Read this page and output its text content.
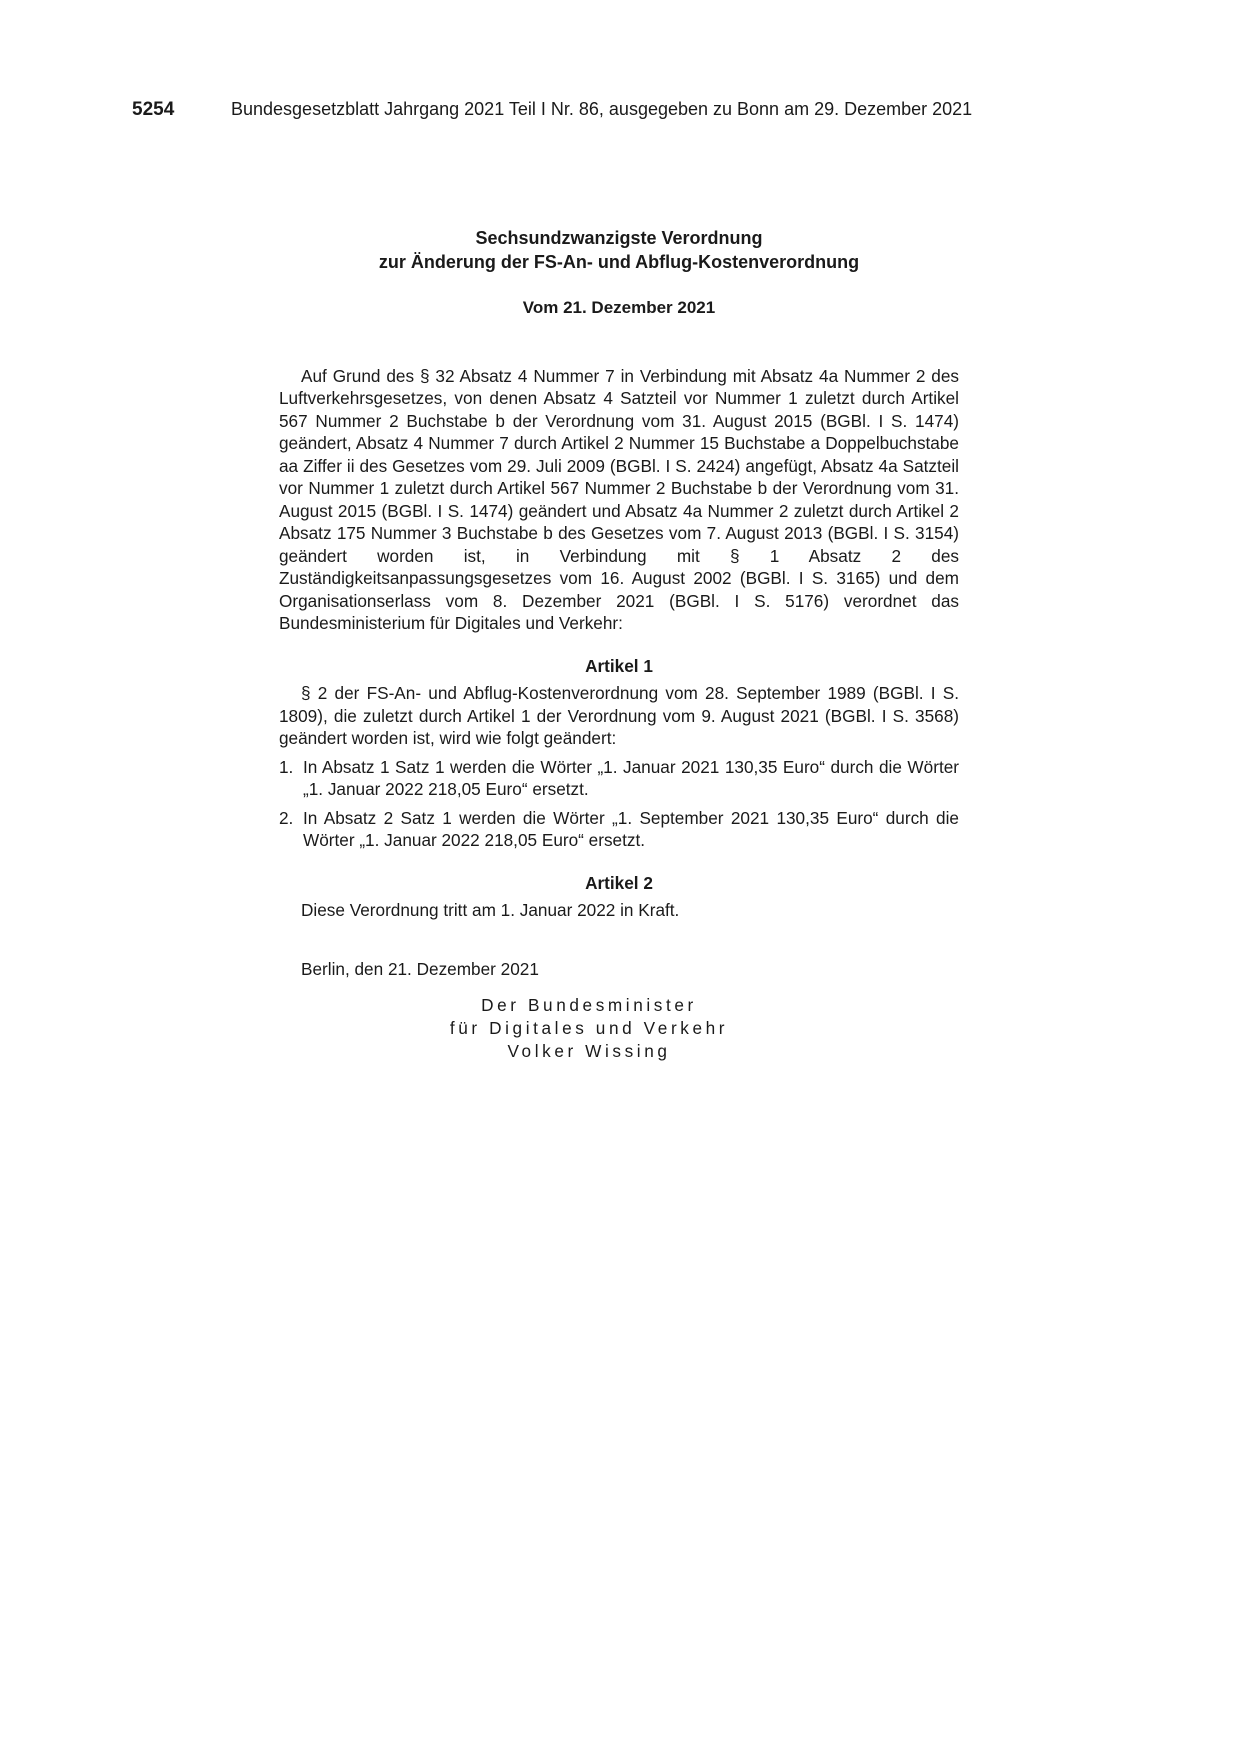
5254	Bundesgesetzblatt Jahrgang 2021 Teil I Nr. 86, ausgegeben zu Bonn am 29. Dezember 2021
Sechsundzwanzigste Verordnung
zur Änderung der FS-An- und Abflug-Kostenverordnung
Vom 21. Dezember 2021
Auf Grund des § 32 Absatz 4 Nummer 7 in Verbindung mit Absatz 4a Nummer 2 des Luftverkehrsgesetzes, von denen Absatz 4 Satzteil vor Nummer 1 zuletzt durch Artikel 567 Nummer 2 Buchstabe b der Verordnung vom 31. August 2015 (BGBl. I S. 1474) geändert, Absatz 4 Nummer 7 durch Artikel 2 Nummer 15 Buchstabe a Doppelbuchstabe aa Ziffer ii des Gesetzes vom 29. Juli 2009 (BGBl. I S. 2424) angefügt, Absatz 4a Satzteil vor Nummer 1 zuletzt durch Artikel 567 Nummer 2 Buchstabe b der Verordnung vom 31. August 2015 (BGBl. I S. 1474) geändert und Absatz 4a Nummer 2 zuletzt durch Artikel 2 Absatz 175 Nummer 3 Buchstabe b des Gesetzes vom 7. August 2013 (BGBl. I S. 3154) geändert worden ist, in Verbindung mit § 1 Absatz 2 des Zuständigkeitsanpassungsgesetzes vom 16. August 2002 (BGBl. I S. 3165) und dem Organisationserlass vom 8. Dezember 2021 (BGBl. I S. 5176) verordnet das Bundesministerium für Digitales und Verkehr:
Artikel 1
§ 2 der FS-An- und Abflug-Kostenverordnung vom 28. September 1989 (BGBl. I S. 1809), die zuletzt durch Artikel 1 der Verordnung vom 9. August 2021 (BGBl. I S. 3568) geändert worden ist, wird wie folgt geändert:
1. In Absatz 1 Satz 1 werden die Wörter „1. Januar 2021 130,35 Euro“ durch die Wörter „1. Januar 2022 218,05 Euro“ ersetzt.
2. In Absatz 2 Satz 1 werden die Wörter „1. September 2021 130,35 Euro“ durch die Wörter „1. Januar 2022 218,05 Euro“ ersetzt.
Artikel 2
Diese Verordnung tritt am 1. Januar 2022 in Kraft.
Berlin, den 21. Dezember 2021
Der Bundesminister
für Digitales und Verkehr
Volker Wissing
